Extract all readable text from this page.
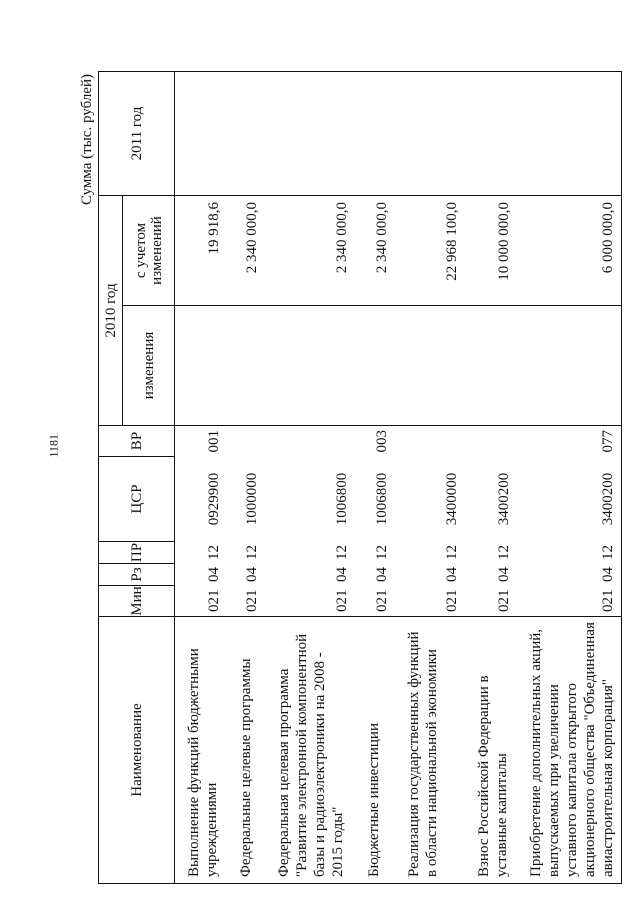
1181
Сумма (тыс. рублей)
Наименование	Мин	Рз	ПР	ЦСР	ВР	2010 год		2011 год
						изменения	с учетом изменений	
Выполнение функций бюджетными учреждениями	021	04	12	0929900	001		19 918,6	
Федеральные целевые программы	021	04	12	1000000			2 340 000,0	
Федеральная целевая программа "Развитие электронной компонентной базы и радиоэлектроники на 2008 - 2015 годы"	021	04	12	1006800			2 340 000,0	
Бюджетные инвестиции	021	04	12	1006800	003		2 340 000,0	
Реализация государственных функций в области национальной экономики	021	04	12	3400000			22 968 100,0	
Взнос Российской Федерации в уставные капиталы	021	04	12	3400200			10 000 000,0	
Приобретение дополнительных акций, выпускаемых при увеличении уставного капитала открытого акционерного общества "Объединенная авиастроительная корпорация"	021	04	12	3400200	077		6 000 000,0	
